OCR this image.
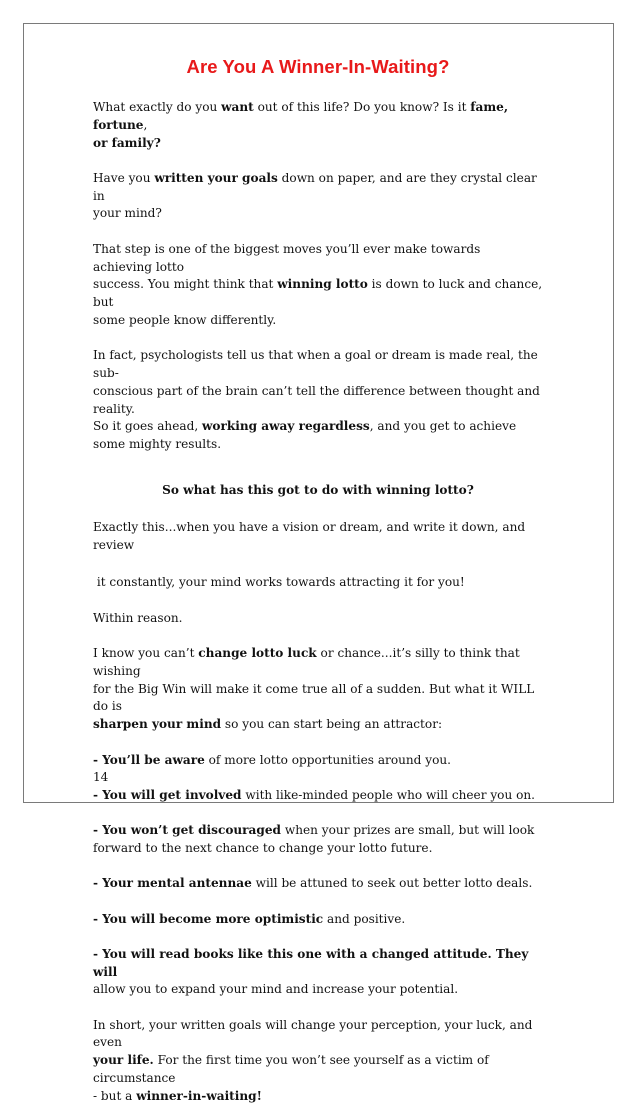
Are You A Winner-In-Waiting?

What exactly do you want out of this life? Do you know? Is it fame, fortune,
or family?

Have you written your goals down on paper, and are they crystal clear in
your mind?

That step is one of the biggest moves you’ll ever make towards achieving lotto
success. You might think that winning lotto is down to luck and chance, but
some people know differently.

In fact, psychologists tell us that when a goal or dream is made real, the sub-
conscious part of the brain can’t tell the difference between thought and reality.
So it goes ahead, working away regardless, and you get to achieve
some mighty results.

So what has this got to do with winning lotto?

Exactly this...when you have a vision or dream, and write it down, and review

it constantly, your mind works towards attracting it for you!

Within reason.

I know you can’t change lotto luck or chance...it’s silly to think that wishing
for the Big Win will make it come true all of a sudden. But what it WILL do is
sharpen your mind so you can start being an attractor:

- You’ll be aware of more lotto opportunities around you.

- You will get involved with like-minded people who will cheer you on.

- You won’t get discouraged when your prizes are small, but will look
forward to the next chance to change your lotto future.

- Your mental antennae will be attuned to seek out better lotto deals.

- You will become more optimistic and positive.

- You will read books like this one with a changed attitude. They will
allow you to expand your mind and increase your potential.

In short, your written goals will change your perception, your luck, and even
your life. For the first time you won’t see yourself as a victim of circumstance
- but a winner-in-waiting!

14
